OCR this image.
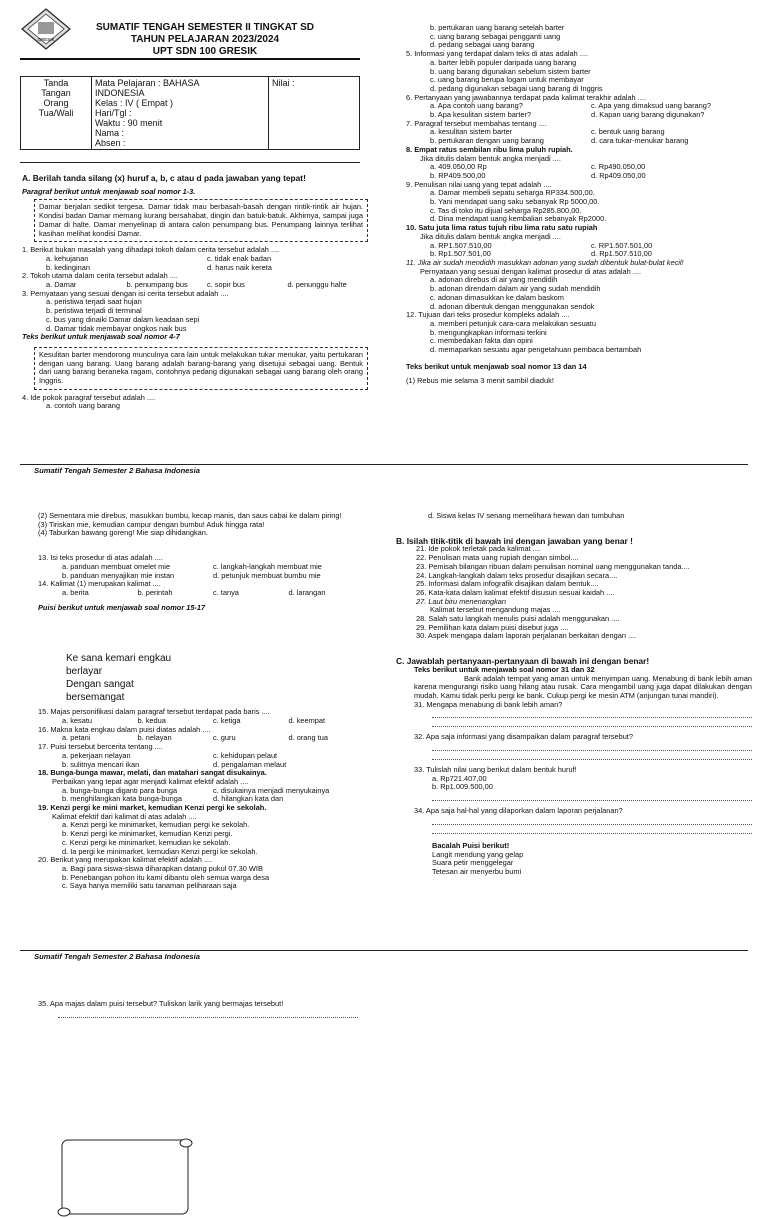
GRESIK
SUMATIF TENGAH SEMESTER II TINGKAT SD
TAHUN PELAJARAN 2023/2024
UPT SDN 100 GRESIK
Tanda
Tangan
Orang
Tua/Wali

Mata Pelajaran : BAHASA
INDONESIA
Kelas : IV ( Empat )
Hari/Tgl :
Waktu : 90 menit
Nama :
Absen :
	Nilai :
A. Berilah tanda silang (x) huruf a, b, c atau d pada jawaban yang tepat!
Paragraf berikut untuk menjawab soal nomor 1-3.
Damar berjalan sedikit tergesa. Damar tidak mau berbasah-basah dengan rintik-rintik air hujan. Kondisi badan Damar memang kurang bersahabat, dingin dan batuk-batuk. Akhirnya, sampai juga Damar di halte. Damar menyelinap di antara calon penumpang bus. Penumpang lainnya terlihat kasihan melihat kondisi Damar.
1. Berikut bukan masalah yang dihadapi tokoh dalam cerita tersebut adalah ....
a. kehujanan	c. tidak enak badan
b. kedinginan	d. harus naik kereta
2. Tokoh utama dalam cerita tersebut adalah ....
a. Damar	b. penumpang bus	c. sopir bus	d. penunggu halte
3. Pernyataan yang sesuai dengan isi cerita tersebut adalah ....
a. peristiwa terjadi saat hujan
b. peristiwa terjadi di terminal
c. bus yang dinaiki Damar dalam keadaan sepi
d. Damar tidak membayar ongkos naik bus
Teks berikut untuk menjawab soal nomor 4-7
Kesulitan barter mendorong munculnya cara lain untuk melakukan tukar menukar, yaitu pertukaran dengan uang barang. Uang barang adalah barang-barang yang disetujui sebagai uang. Bentuk dari uang barang beraneka ragam, contohnya pedang digunakan sebagai uang barang oleh orang Inggris.
4. Ide pokok paragraf tersebut adalah ....
a. contoh uang barang
b. pertukaran uang barang setelah barter
c. uang barang sebagai pengganti uang
d. pedang sebagai uang barang
5. Informasi yang terdapat dalam teks di atas adalah ....
a. barter lebih populer daripada uang barang
b. uang barang digunakan sebelum sistem barter
c. uang barang berupa logam untuk membayar
d. pedang digunakan sebagai uang barang di Inggris
6. Pertanyaan yang jawabannya terdapat pada kalimat terakhir adalah ....
a. Apa contoh uang barang?	c. Apa yang dimaksud uang barang?
b. Apa kesulitan sistem barter?	d. Kapan uang barang digunakan?
7. Paragraf tersebut membahas tentang ....
a. kesulitan sistem barter	c. bentuk uang barang
b. pertukaran dengan uang barang	d. cara tukar-menukar barang
8. Empat ratus sembilan ribu lima puluh rupiah.
Jika ditulis dalam bentuk angka menjadi ....
a. 409.050,00 Rp	c. Rp490.050,00
b. RP409.500,00	d. Rp409.050,00
9. Penulisan nilai uang yang tepat adalah ....
a. Damar membeli sepatu seharga RP334.500,00.
b. Yani mendapat uang saku sebanyak Rp 5000,00.
c. Tas di toko itu dijual seharga Rp285.800,00.
d. Dina mendapat uang kembalian sebanyak Rp2000.
10. Satu juta lima ratus tujuh ribu lima ratu satu rupiah
Jika ditulis dalam bentuk angka menjadi ....
a. RP1.507.510,00	c. RP1.507.501,00
b. Rp1.507.501,00	d. Rp1.507.510,00
11. Jika air sudah mendidih masukkan adonan yang sudah dibentuk bulat-bulat kecil!
Pernyataan yang sesuai dengan kalimat prosedur di atas adalah ....
a. adonan direbus di air yang mendidih
b. adonan direndam dalam air yang sudah mendidih
c. adonan dimasukkan ke dalam baskom
d. adonan dibentuk dengan menggunakan sendok
12. Tujuan dari teks prosedur kompleks adalah ....
a. memberi petunjuk cara-cara melakukan sesuatu
b. mengungkapkan informasi terkini
c. membedakan fakta dan opini
d. memaparkan sesuatu agar pengetahuan pembaca bertambah
Teks berikut untuk menjawab soal nomor 13 dan 14
(1) Rebus mie selama 3 menit sambil diaduk!
Sumatif Tengah Semester 2 Bahasa Indonesia
(2) Sementara mie direbus, masukkan bumbu, kecap manis, dan saus cabai ke dalam piring!
(3) Tiriskan mie, kemudian campur dengan bumbu! Aduk hingga rata!
(4) Taburkan bawang goreng! Mie siap dihidangkan.
13. Isi teks prosedur di atas adalah ....
a. panduan membuat omelet mie	c. langkah-langkah membuat mie
b. panduan menyajikan mie instan	d. petunjuk membuat bumbu mie
14. Kalimat (1) merupakan kalimat ....
a. berita	b. perintah	c. tanya	d. larangan
Puisi berikut untuk menjawab soal nomor 15-17
15. Majas personifikasi dalam paragraf tersebut terdapat pada baris ....
a. kesatu	b. kedua	c. ketiga	d. keempat
16. Makna kata engkau dalam puisi diatas adalah ....
a. petani	b. nelayan	c. guru	d. orang tua
17. Puisi tersebut bercerita tentang ....
a. pekerjaan nelayan	c. kehidupan pelaut
b. sulitnya mencari ikan	d. pengalaman melaut
18. Bunga-bunga mawar, melati, dan matahari sangat disukainya.
Perbaikan yang tepat agar menjadi kalimat efektif adalah ....
a. bunga-bunga diganti para bunga	c. disukainya menjadi menyukainya
b. menghilangkan kata bunga-bunga	d. hilangkan kata dan
19. Kenzi pergi ke mini market, kemudian Kenzi pergi ke sekolah.
Kalimat efektif dari kalimat di atas adalah ....
a. Kenzi pergi ke minimarket, kemudian pergi ke sekolah.
b. Kenzi pergi ke minimarket, kemudian Kenzi pergi.
c. Kenzi pergi ke minimarket, kemudian ke sekolah.
d. Ia pergi ke minimarket, kemudian Kenzi pergi ke sekolah.
20. Berikut yang merupakan kalimat efektif adalah ....
a. Bagi para siswa-siswa diharapkan datang pukul 07.30 WIB
b. Penebangan pohon itu kami dibantu oleh semua warga desa
c. Saya hanya memiliki satu tanaman peliharaan saja
Ke sana kemari engkau
berlayar
Dengan sangat
bersemangat
d. Siswa kelas IV senang memelihara hewan dan tumbuhan
B. Isilah titik-titik di bawah ini dengan jawaban yang benar !
21. Ide pokok terletak pada kalimat ....
22. Penulisan mata uang rupiah dengan simbol....
23. Pemisah bilangan ribuan dalam penulisan nominal uang menggunakan tanda....
24. Langkah-langkah dalam teks prosedur disajikan secara....
25. Informasi dalam infografik disajikan dalam bentuk....
26. Kata-kata dalam kalimat efektif disusun sesuai kaidah ....
27. Laut biru menenangkan
Kalimat tersebut mengandung majas ....
28. Salah satu langkah menulis puisi adalah menggunakan ....
29. Pemilihan kata dalam puisi disebut juga ....
30. Aspek mengapa dalam laporan perjalanan berkaitan dengan ....
C. Jawablah pertanyaan-pertanyaan di bawah ini dengan benar!
Teks berikut untuk menjawab soal nomor 31 dan 32
Bank adalah tempat yang aman untuk menyimpan uang. Menabung di bank lebih aman karena mengurangi risiko uang hilang atau rusak. Cara mengambil uang juga dapat dilakukan dengan mudah. Kamu tidak perlu pergi ke bank. Cukup pergi ke mesin ATM (anjungan tunai mandiri).
31. Mengapa menabung di bank lebih aman?
32. Apa saja informasi yang disampaikan dalam paragraf tersebut?
33. Tulislah nilai uang berikut dalam bentuk huruf!
a. Rp721.407,00
b. Rp1.009.500,00
34. Apa saja hal-hal yang dilaporkan dalam laporan perjalanan?
Bacalah Puisi berikut!
Langit mendung yang gelap
Suara petir menggelegar
Tetesan air menyerbu bumi
Sumatif Tengah Semester 2 Bahasa Indonesia
35. Apa majas dalam puisi tersebut? Tuliskan larik yang bermajas tersebut!
